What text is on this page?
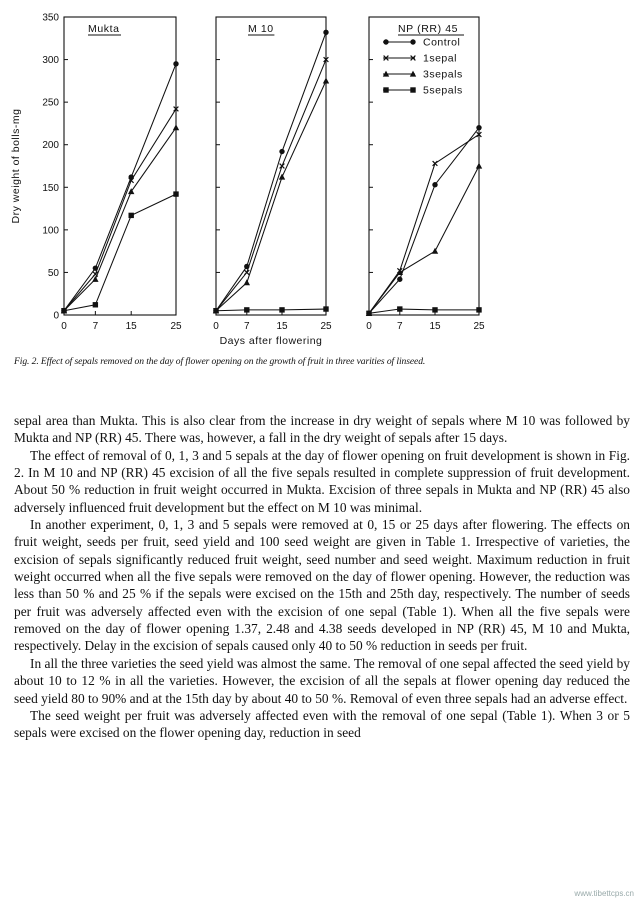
0	7	15	25
0
50
100
150
200
250
300
350
Mukta
Dry weight of bolls-mg
0	7	15	25
M 10
Days after flowering
0	7	15	25
NP (RR) 45
Control
1sepal
3sepals
5sepals
Fig. 2. Effect of sepals removed on the day of flower opening on the growth of fruit in three varities of linseed.

sepal area than Mukta. This is also clear from the increase in dry weight of sepals where M 10 was followed by Mukta and NP (RR) 45. There was, however, a fall in the dry weight of sepals after 15 days.

The effect of removal of 0, 1, 3 and 5 sepals at the day of flower opening on fruit development is shown in Fig. 2. In M 10 and NP (RR) 45 excision of all the five sepals resulted in complete suppression of fruit development. About 50 % reduction in fruit weight occurred in Mukta. Excision of three sepals in Mukta and NP (RR) 45 also adversely influenced fruit development but the effect on M 10 was minimal.

In another experiment, 0, 1, 3 and 5 sepals were removed at 0, 15 or 25 days after flowering. The effects on fruit weight, seeds per fruit, seed yield and 100 seed weight are given in Table 1. Irrespective of varieties, the excision of sepals significantly reduced fruit weight, seed number and seed weight. Maximum reduction in fruit weight occurred when all the five sepals were removed on the day of flower opening. However, the reduction was less than 50 % and 25 % if the sepals were excised on the 15th and 25th day, respectively. The number of seeds per fruit was adversely affected even with the excision of one sepal (Table 1). When all the five sepals were removed on the day of flower opening 1.37, 2.48 and 4.38 seeds developed in NP (RR) 45, M 10 and Mukta, respectively. Delay in the excision of sepals caused only 40 to 50 % reduction in seeds per fruit.

In all the three varieties the seed yield was almost the same. The removal of one sepal affected the seed yield by about 10 to 12 % in all the varieties. However, the excision of all the sepals at flower opening day reduced the seed yield 80 to 90% and at the 15th day by about 40 to 50 %. Removal of even three sepals had an adverse effect.

The seed weight per fruit was adversely affected even with the removal of one sepal (Table 1). When 3 or 5 sepals were excised on the flower opening day, reduction in seed

www.tibettcps.cn
